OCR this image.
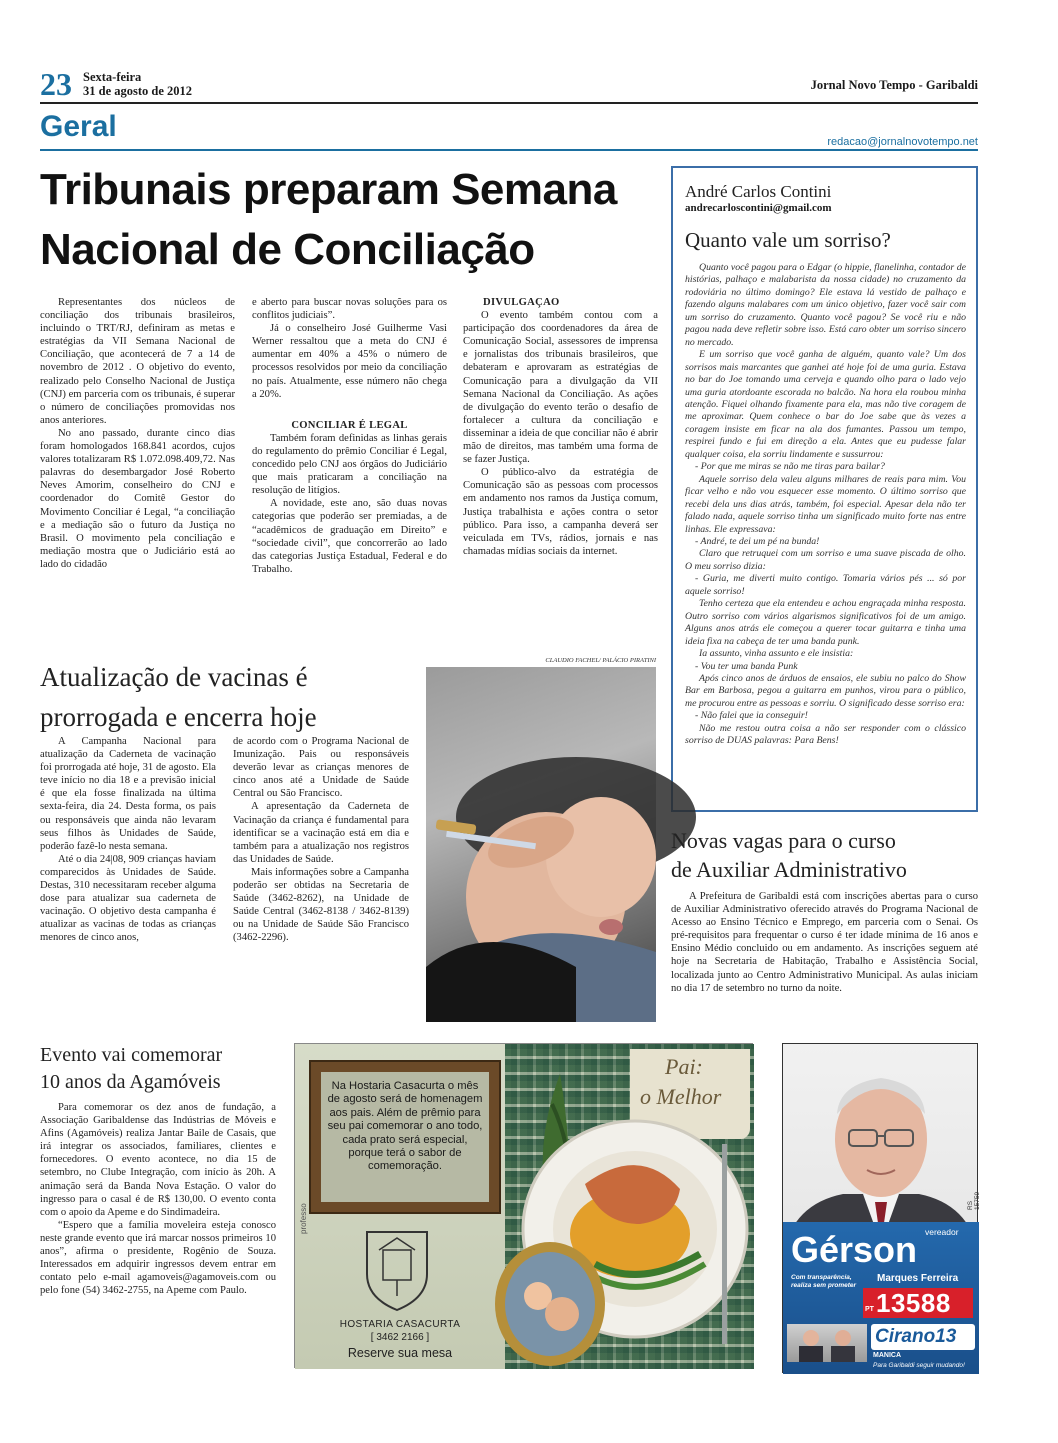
23 Sexta-feira
31 de agosto de 2012	Jornal Novo Tempo - Garibaldi
Geral	redacao@jornalnovotempo.net
Tribunais preparam Semana
Nacional de Conciliação

Representantes dos núcleos de conciliação dos tribunais brasileiros, incluindo o TRT/RJ, definiram as metas e estratégias da VII Semana Nacional de Conciliação, que acontecerá de 7 a 14 de novembro de 2012 . O objetivo do evento, realizado pelo Conselho Nacional de Justiça (CNJ) em parceria com os tribunais, é superar o número de conciliações promovidas nos anos anteriores.

No ano passado, durante cinco dias foram homologados 168.841 acordos, cujos valores totalizaram R$ 1.072.098.409,72. Nas palavras do desembargador José Roberto Neves Amorim, conselheiro do CNJ e coordenador do Comitê Gestor do Movimento Conciliar é Legal, “a conciliação e a mediação são o futuro da Justiça no Brasil. O movimento pela conciliação e mediação mostra que o Judiciário está ao lado do cidadão

e aberto para buscar novas soluções para os conflitos judiciais”.

Já o conselheiro José Guilherme Vasi Werner ressaltou que a meta do CNJ é aumentar em 40% a 45% o número de processos resolvidos por meio da conciliação no país. Atualmente, esse número não chega a 20%.

CONCILIAR É LEGAL

Também foram definidas as linhas gerais do regulamento do prêmio Conciliar é Legal, concedido pelo CNJ aos órgãos do Judiciário que mais praticaram a conciliação na resolução de litígios.

A novidade, este ano, são duas novas categorias que poderão ser premiadas, a de “acadêmicos de graduação em Direito” e “sociedade civil”, que concorrerão ao lado das categorias Justiça Estadual, Federal e do Trabalho.

DIVULGAÇAO

O evento também contou com a participação dos coordenadores da área de Comunicação Social, assessores de imprensa e jornalistas dos tribunais brasileiros, que debateram e aprovaram as estratégias de Comunicação para a divulgação da VII Semana Nacional da Conciliação. As ações de divulgação do evento terão o desafio de fortalecer a cultura da conciliação e disseminar a ideia de que conciliar não é abrir mão de direitos, mas também uma forma de se fazer Justiça.

O público-alvo da estratégia de Comunicação são as pessoas com processos em andamento nos ramos da Justiça comum, Justiça trabalhista e ações contra o setor público. Para isso, a campanha deverá ser veiculada em TVs, rádios, jornais e nas chamadas mídias sociais da internet.

André Carlos Contini
andrecarloscontini@gmail.com
Quanto vale um sorriso?

Quanto você pagou para o Edgar (o hippie, flanelinha, contador de histórias, palhaço e malabarista da nossa cidade) no cruzamento da rodoviária no último domingo? Ele estava lá vestido de palhaço e fazendo alguns malabares com um único objetivo, fazer você sair com um sorriso do cruzamento. Quanto você pagou? Se você riu e não pagou nada deve refletir sobre isso. Está caro obter um sorriso sincero no mercado.

E um sorriso que você ganha de alguém, quanto vale? Um dos sorrisos mais marcantes que ganhei até hoje foi de uma guria. Estava no bar do Joe tomando uma cerveja e quando olho para o lado vejo uma guria atordoante escorada no balcão. Na hora ela roubou minha atenção. Fiquei olhando fixamente para ela, mas não tive coragem de me aproximar. Quem conhece o bar do Joe sabe que às vezes a coragem insiste em ficar na ala dos fumantes. Passou um tempo, respirei fundo e fui em direção a ela. Antes que eu pudesse falar qualquer coisa, ela sorriu lindamente e sussurrou:

- Por que me miras se não me tiras para bailar?

Aquele sorriso dela valeu alguns milhares de reais para mim. Vou ficar velho e não vou esquecer esse momento. O último sorriso que recebi dela uns dias atrás, também, foi especial. Apesar dela não ter falado nada, aquele sorriso tinha um significado muito forte nas entre linhas. Ele expressava:

- André, te dei um pé na bunda!

Claro que retruquei com um sorriso e uma suave piscada de olho. O meu sorriso dizia:

- Guria, me diverti muito contigo. Tomaria vários pés ... só por aquele sorriso!

Tenho certeza que ela entendeu e achou engraçada minha resposta. Outro sorriso com vários algarismos significativos foi de um amigo. Alguns anos atrás ele começou a querer tocar guitarra e tinha uma ideia fixa na cabeça de ter uma banda punk.

Ia assunto, vinha assunto e ele insistia:

- Vou ter uma banda Punk

Após cinco anos de árduos de ensaios, ele subiu no palco do Show Bar em Barbosa, pegou a guitarra em punhos, virou para o público, me procurou entre as pessoas e sorriu. O significado desse sorriso era:

- Não falei que ia conseguir!

Não me restou outra coisa a não ser responder com o clássico sorriso de DUAS palavras: Para Bens!

Atualização de vacinas é
prorrogada e encerra hoje
CLAUDIO FACHEL/ PALÁCIO PIRATINI

A Campanha Nacional para atualização da Caderneta de vacinação foi prorrogada até hoje, 31 de agosto. Ela teve início no dia 18 e a previsão inicial é que ela fosse finalizada na última sexta-feira, dia 24. Desta forma, os pais ou responsáveis que ainda não levaram seus filhos às Unidades de Saúde, poderão fazê-lo nesta semana.

Até o dia 24|08, 909 crianças haviam comparecidos às Unidades de Saúde. Destas, 310 necessitaram receber alguma dose para atualizar sua caderneta de vacinação. O objetivo desta campanha é atualizar as vacinas de todas as crianças menores de cinco anos,

de acordo com o Programa Nacional de Imunização. Pais ou responsáveis deverão levar as crianças menores de cinco anos até a Unidade de Saúde Central ou São Francisco.

A apresentação da Caderneta de Vacinação da criança é fundamental para identificar se a vacinação está em dia e também para a atualização nos registros das Unidades de Saúde.

Mais informações sobre a Campanha poderão ser obtidas na Secretaria de Saúde (3462-8262), na Unidade de Saúde Central (3462-8138 / 3462-8139) ou na Unidade de Saúde São Francisco (3462-2296).

Novas vagas para o curso
de Auxiliar Administrativo

A Prefeitura de Garibaldi está com inscrições abertas para o curso de Auxiliar Administrativo oferecido através do Programa Nacional de Acesso ao Ensino Técnico e Emprego, em parceria com o Senai. Os pré-requisitos para frequentar o curso é ter idade mínima de 16 anos e Ensino Médio concluido ou em andamento. As inscrições seguem até hoje na Secretaria de Habitação, Trabalho e Assistência Social, localizada junto ao Centro Administrativo Municipal. As aulas iniciam no dia 17 de setembro no turno da noite.

Evento vai comemorar
10 anos da Agamóveis

Para comemorar os dez anos de fundação, a Associação Garibaldense das Indústrias de Móveis e Afins (Agamóveis) realiza Jantar Baile de Casais, que irá integrar os associados, familiares, clientes e fornecedores. O evento acontece, no dia 15 de setembro, no Clube Integração, com início às 20h. A animação será da Banda Nova Estação. O valor do ingresso para o casal é de R$ 130,00. O evento conta com o apoio da Apeme e do Sindimadeira.

“Espero que a família moveleira esteja conosco neste grande evento que irá marcar nossos primeiros 10 anos”, afirma o presidente, Rogênio de Souza. Interessados em adquirir ingressos devem entrar em contato pelo e-mail agamoveis@agamoveis.com ou pelo fone (54) 3462-2755, na Apeme com Paulo.

Pai:
o Melhor
Na Hostaria Casacurta o mês de agosto será de homenagem aos pais. Além de prêmio para seu pai comemorar o ano todo, cada prato será especial, porque terá o sabor de comemoração.
professo
HOSTARIA CASACURTA
[ 3462 2166 ]
Reserve sua mesa
RS 15759
vereador
Gérson
Com transparência,
realiza sem prometer
Marques Ferreira
PT 13588
Cirano13
MANICA
Para Garibaldi seguir mudando!
